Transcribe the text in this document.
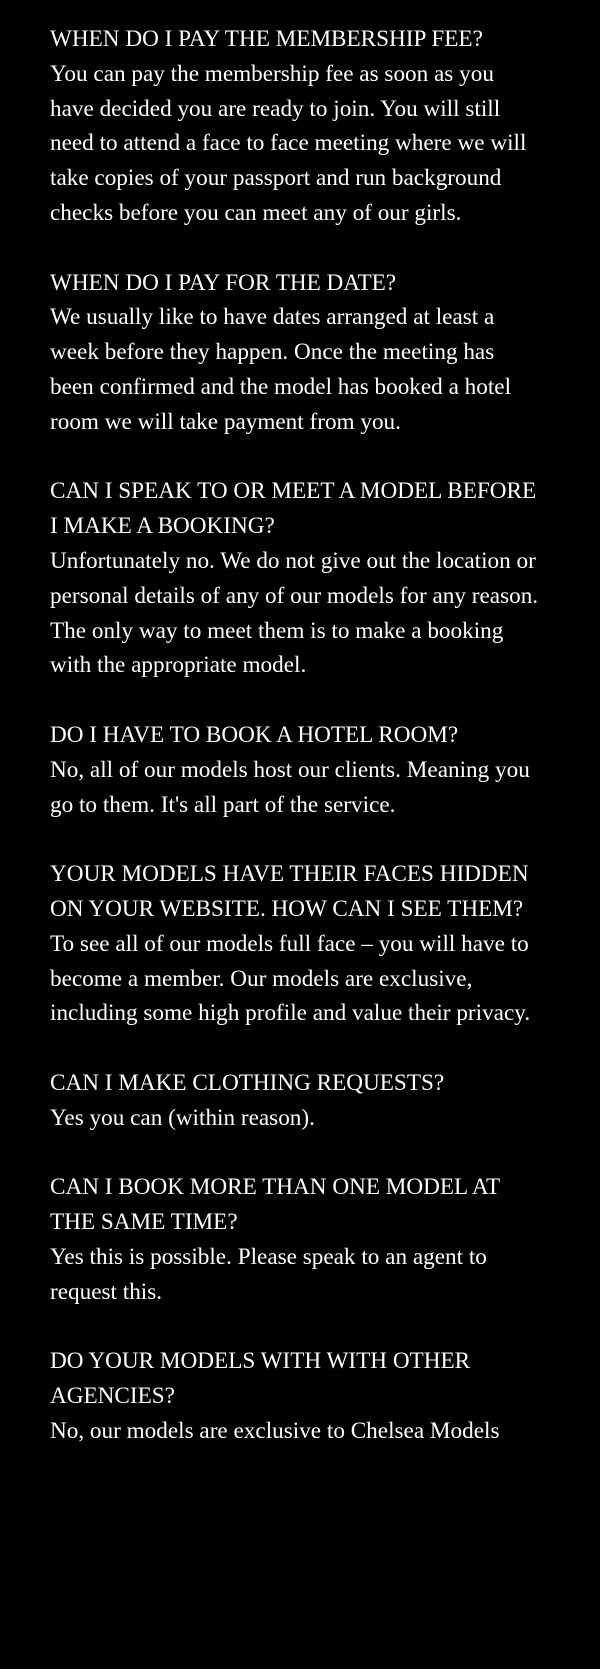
WHEN DO I PAY THE MEMBERSHIP FEE?
You can pay the membership fee as soon as you have decided you are ready to join. You will still need to attend a face to face meeting where we will take copies of your passport and run background checks before you can meet any of our girls.
WHEN DO I PAY FOR THE DATE?
We usually like to have dates arranged at least a week before they happen. Once the meeting has been confirmed and the model has booked a hotel room we will take payment from you.
CAN I SPEAK TO OR MEET A MODEL BEFORE I MAKE A BOOKING?
Unfortunately no. We do not give out the location or personal details of any of our models for any reason. The only way to meet them is to make a booking with the appropriate model.
DO I HAVE TO BOOK A HOTEL ROOM?
No, all of our models host our clients. Meaning you go to them. It's all part of the service.
YOUR MODELS HAVE THEIR FACES HIDDEN ON YOUR WEBSITE. HOW CAN I SEE THEM?
To see all of our models full face – you will have to become a member. Our models are exclusive, including some high profile and value their privacy.
CAN I MAKE CLOTHING REQUESTS?
Yes you can (within reason).
CAN I BOOK MORE THAN ONE MODEL AT THE SAME TIME?
Yes this is possible. Please speak to an agent to request this.
DO YOUR MODELS WITH WITH OTHER AGENCIES?
No, our models are exclusive to Chelsea Models
